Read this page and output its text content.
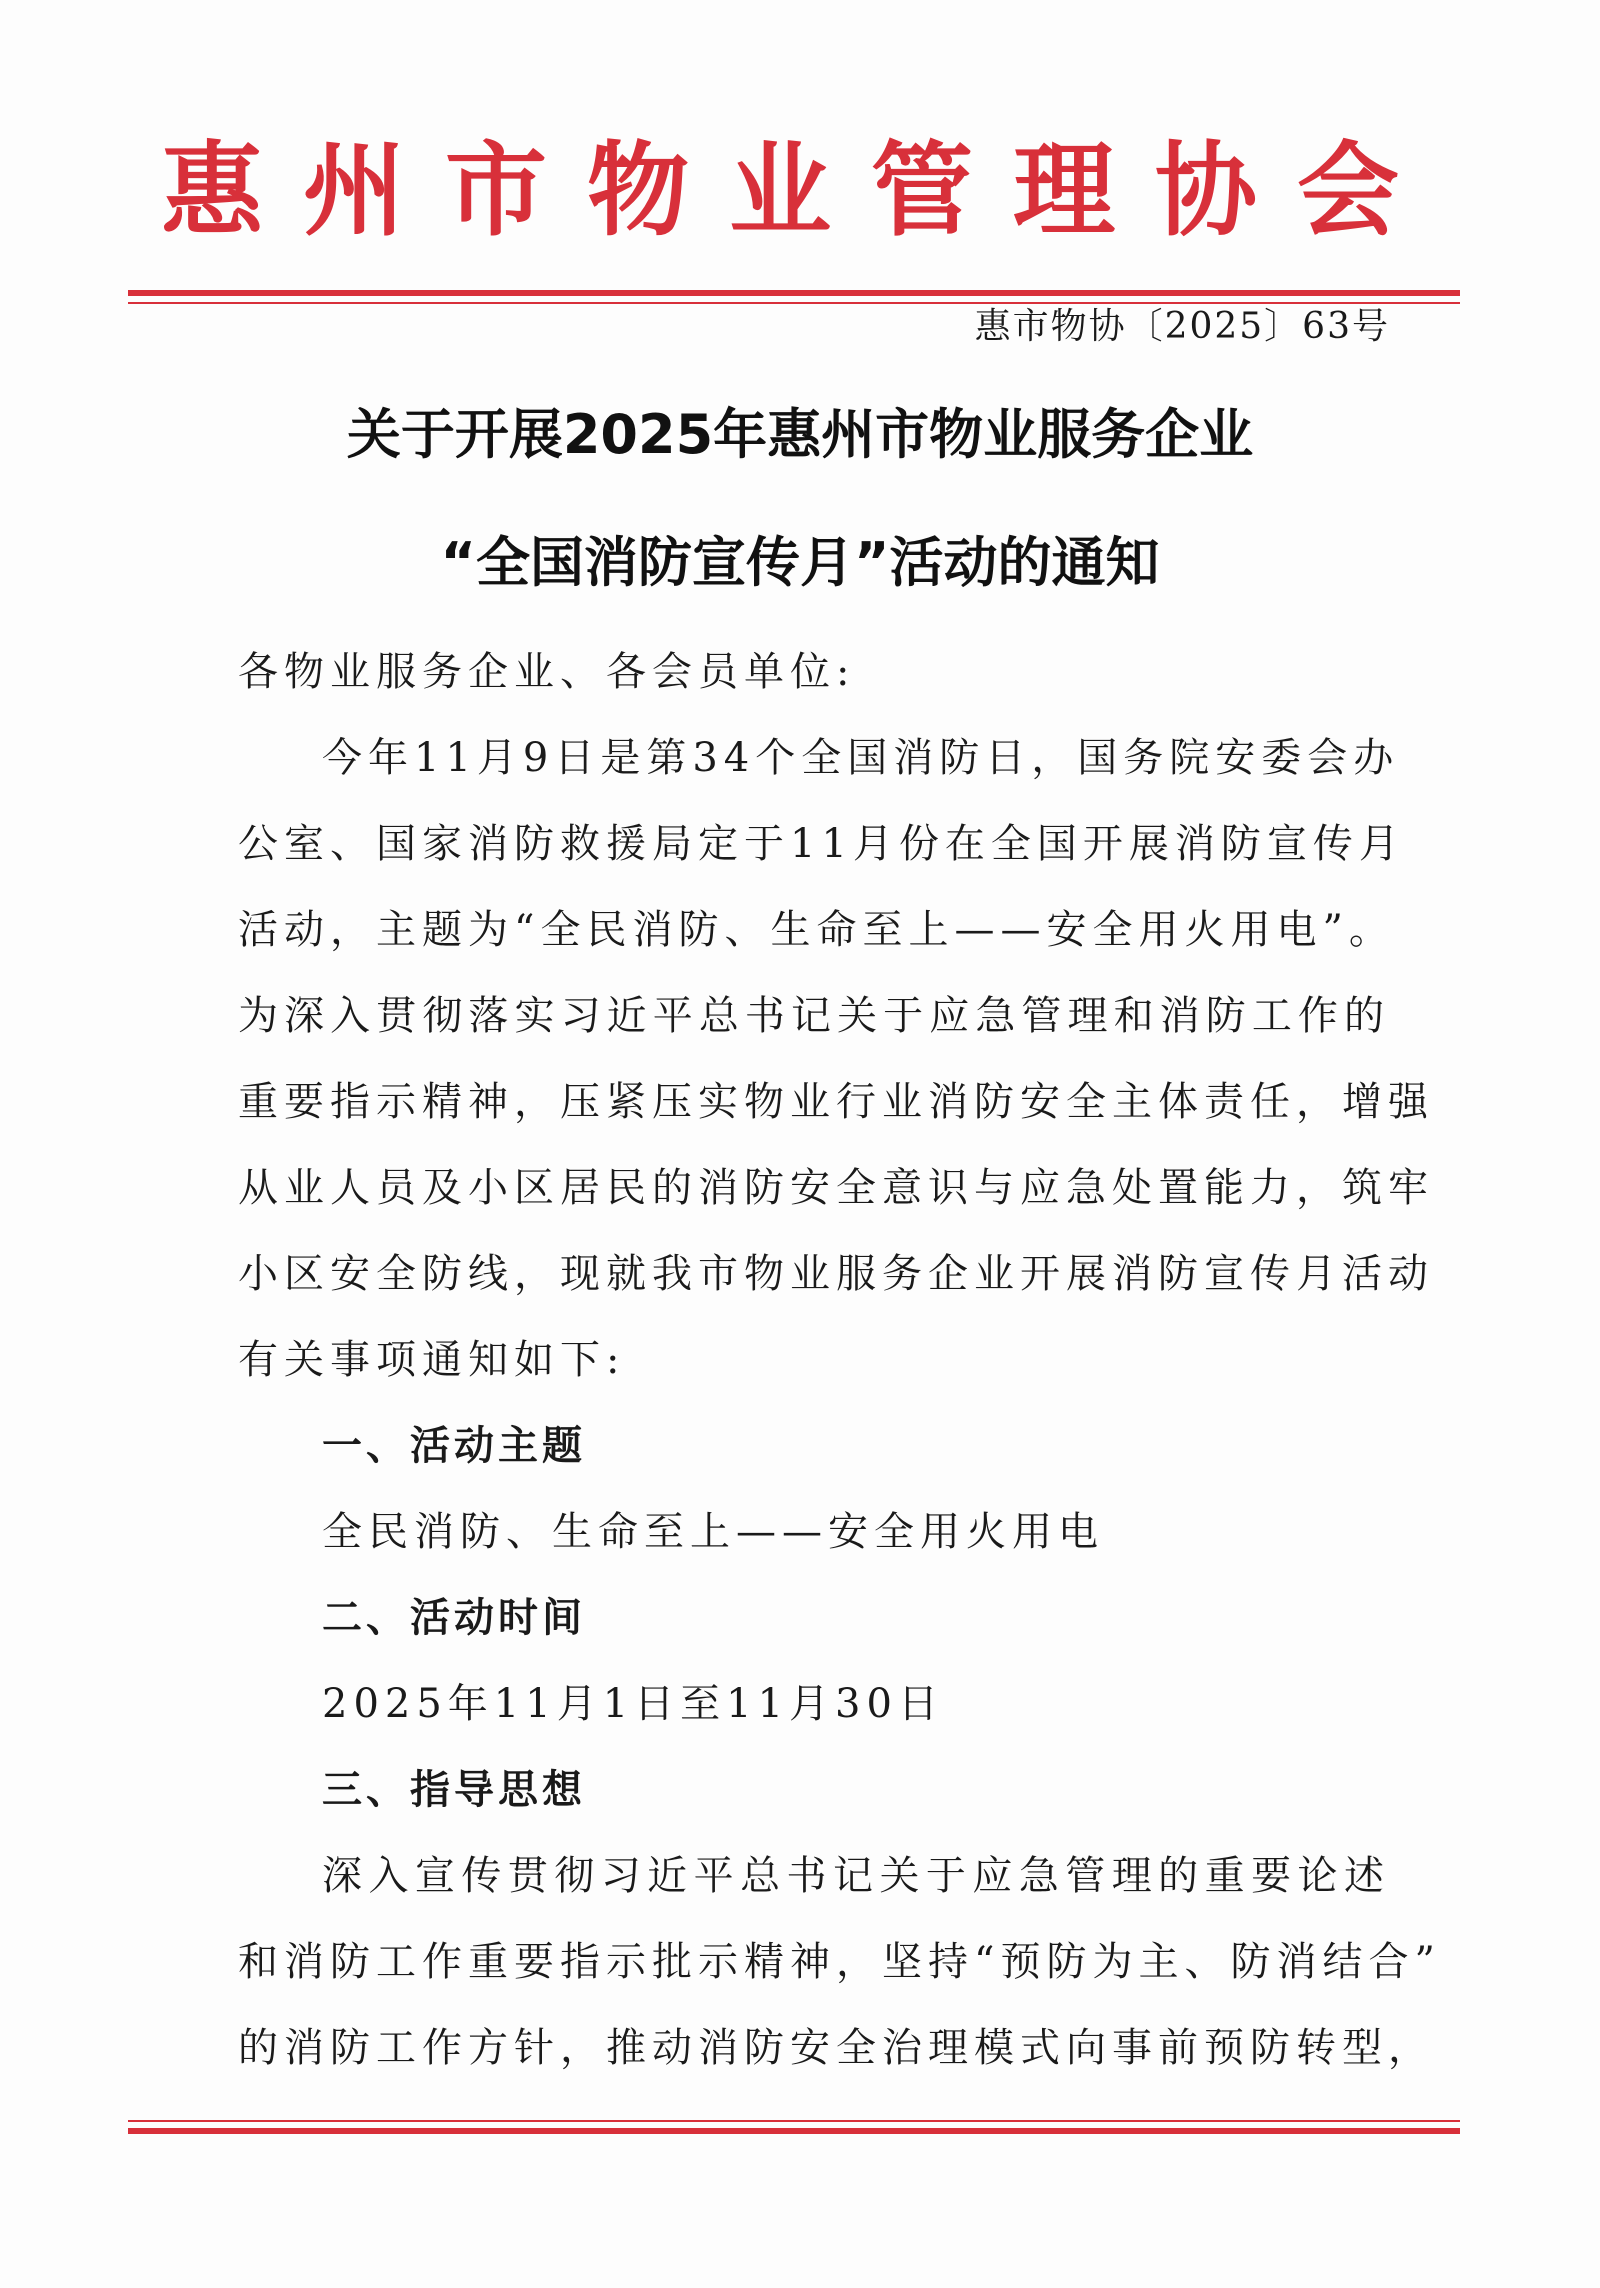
惠州市物业管理协会
惠市物协〔2025〕63号
关于开展2025年惠州市物业服务企业
“全国消防宣传月”活动的通知
各物业服务企业、各会员单位:
今年11月9日是第34个全国消防日，国务院安委会办
公室、国家消防救援局定于11月份在全国开展消防宣传月
活动，主题为“全民消防、生命至上——安全用火用电”。
为深入贯彻落实习近平总书记关于应急管理和消防工作的
重要指示精神，压紧压实物业行业消防安全主体责任，增强
从业人员及小区居民的消防安全意识与应急处置能力，筑牢
小区安全防线，现就我市物业服务企业开展消防宣传月活动
有关事项通知如下:
一、活动主题
全民消防、生命至上——安全用火用电
二、活动时间
2025年11月1日至11月30日
三、指导思想
深入宣传贯彻习近平总书记关于应急管理的重要论述
和消防工作重要指示批示精神，坚持“预防为主、防消结合”
的消防工作方针，推动消防安全治理模式向事前预防转型，
